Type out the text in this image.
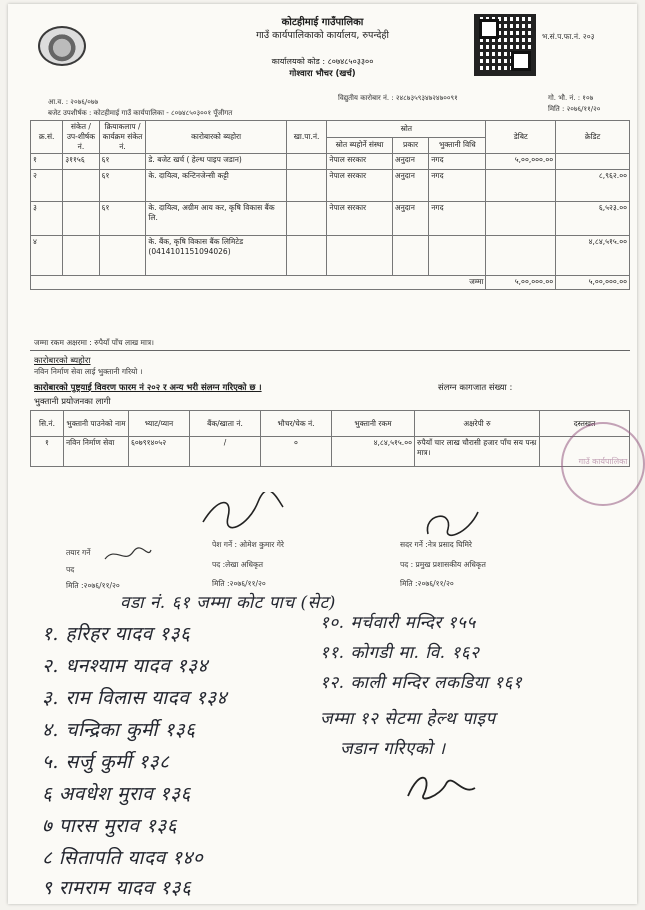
कोटहीमाई गाउँपालिका
गाउँ कार्यपालिकाको कार्यालय, रुपन्देही
कार्यालयको कोड : ८०७४८५०३३००
गोश्वारा भौचर (खर्च)
भ.सं.प.फा.नं. २०३
आ.व. : २०७६/०७७
बजेट उपशीर्षक : कोटहीमाई गाउँ कार्यपालिका - ८०७४८५०३००१ पूँजीगत
विद्युतीय कारोबार नं. : २४८७३५९३४७२४७००९१	गो. भौ. नं. : १०७
मिति : २०७६/११/२०
क्र.सं.	संकेत / उप-शीर्षक नं.	क्रियाकलाप / कार्यक्रम संकेत नं.	कारोबारको ब्यहोरा	खा.पा.नं.	स्रोत			डेबिट	क्रेडिट
					स्रोत ब्यहोर्ने संस्था	प्रकार	भुक्तानी विधि		
१	३११५६	६१	डे. बजेट खर्च ( हेल्थ पाइप जडान)		नेपाल सरकार	अनुदान	नगद	५,००,०००.००	
२		६१	के. दायित्व, कन्टिनजेन्सी कट्टी		नेपाल सरकार	अनुदान	नगद		८,९६२.००
३		६१	के. दायित्व, अग्रीम आय कर, कृषि विकास बैंक लि.		नेपाल सरकार	अनुदान	नगद		६,५२३.००
४			के. बैंक, कृषि विकास बैंक लिमिटेड (0414101151094026)						४,८४,५१५.००
जम्मा								५,००,०००.००	५,००,०००.००
जम्मा रकम अक्षरमा : रुपैयाँ पाँच लाख मात्र।
कारोबारको ब्यहोरा
नविन निर्माण सेवा लाई भुक्तानी गरियो ।
कारोबारको पुष्ट्याई विवरण फारम नं २०२ र अन्य भरी संलग्न गरिएको छ ।	संलग्न कागजात संख्या :
भुक्तानी प्रयोजनका लागी
सि.नं.	भुक्तानी पाउनेको नाम	भ्याट/प्यान	बैंक/खाता नं.	भौचर/चेक नं.	भुक्तानी रकम	अक्षरेपी रु	दस्तखत
१	नविन निर्माण सेवा	६०७९१४०५२	/	०	४,८४,५१५.००	रुपैयाँ चार लाख चौरासी हजार पाँच सय पन्ध्र मात्र।	
गाउँ कार्यपालिका
तयार गर्ने
पद
मिति :२०७६/११/२०
पेश गर्ने : ओमेश कुमार गेरे
पद :लेखा अधिकृत
मिति :२०७६/११/२०
सदर गर्ने :नेत्र प्रसाद घिमिरे
पद : प्रमुख प्रशासकीय अधिकृत
मिति :२०७६/११/२०
वडा नं. ६१ जम्मा कोट पाच (सेट)
१. हरिहर यादव १३६
२. धनश्याम यादव १३४
३. राम विलास यादव १३४
४. चन्द्रिका कुर्मी १३६
५. सर्जु कुर्मी १३८
६ अवधेश मुराव १३६
७ पारस मुराव १३६
८ सितापति यादव १४०
९ रामराम यादव १३६
१०. मर्चवारी मन्दिर १५५
११. कोगडी मा. वि. १६२
१२. काली मन्दिर लकडिया १६१
जम्मा १२ सेटमा हेल्थ पाइप
जडान गरिएको ।
